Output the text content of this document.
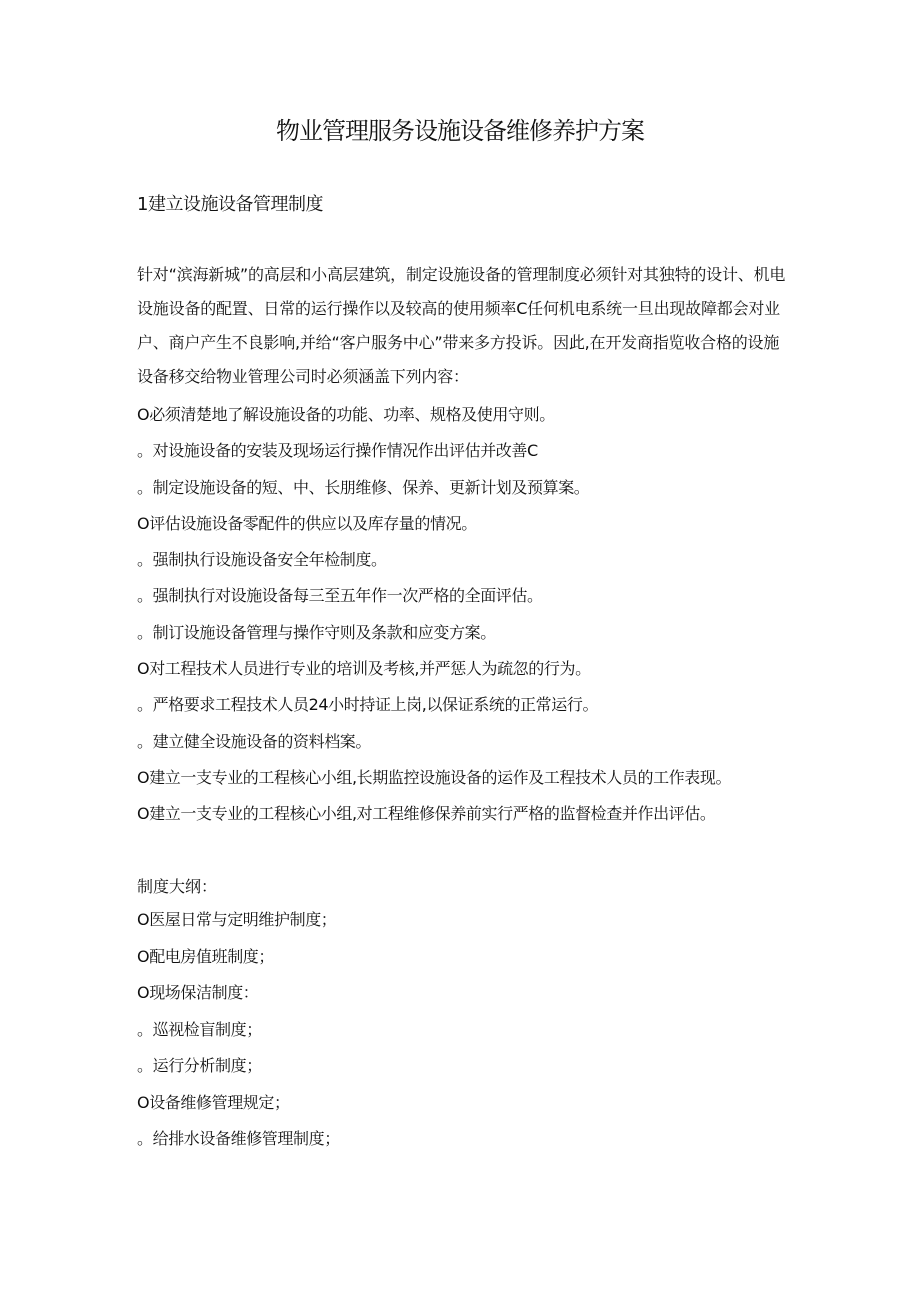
物业管理服务设施设备维修养护方案
1建立设施设备管理制度

针对“滨海新城”的高层和小高层建筑，制定设施设备的管理制度必须针对其独特的设计、机电设施设备的配置、日常的运行操作以及较高的使用频率C任何机电系统一旦出现故障都会对业户、商户产生不良影响,并给“客户服务中心”带来多方投诉。因此,在开发商指览收合格的设施设备移交给物业管理公司时必须涵盖下列内容：

O必须清楚地了解设施设备的功能、功率、规格及使用守则。
。对设施设备的安装及现场运行操作情况作出评估并改善C
。制定设施设备的短、中、长朋维修、保养、更新计划及预算案。
O评估设施设备零配件的供应以及库存量的情况。
。强制执行设施设备安全年检制度。
。强制执行对设施设备每三至五年作一次严格的全面评估。
。制订设施设备管理与操作守则及条款和应变方案。
O对工程技术人员进行专业的培训及考核,并严惩人为疏忽的行为。
。严格要求工程技术人员24小时持证上岗,以保证系统的正常运行。
。建立健全设施设备的资料档案。
O建立一支专业的工程核心小组,长期监控设施设备的运作及工程技术人员的工作表现。
O建立一支专业的工程核心小组,对工程维修保养前实行严格的监督检查并作出评估。

制度大纲：

O医屋日常与定明维护制度；
O配电房值班制度；
O现场保洁制度：
。巡视检盲制度；
。运行分析制度；
O设备维修管理规定；
。给排水设备维修管理制度；
